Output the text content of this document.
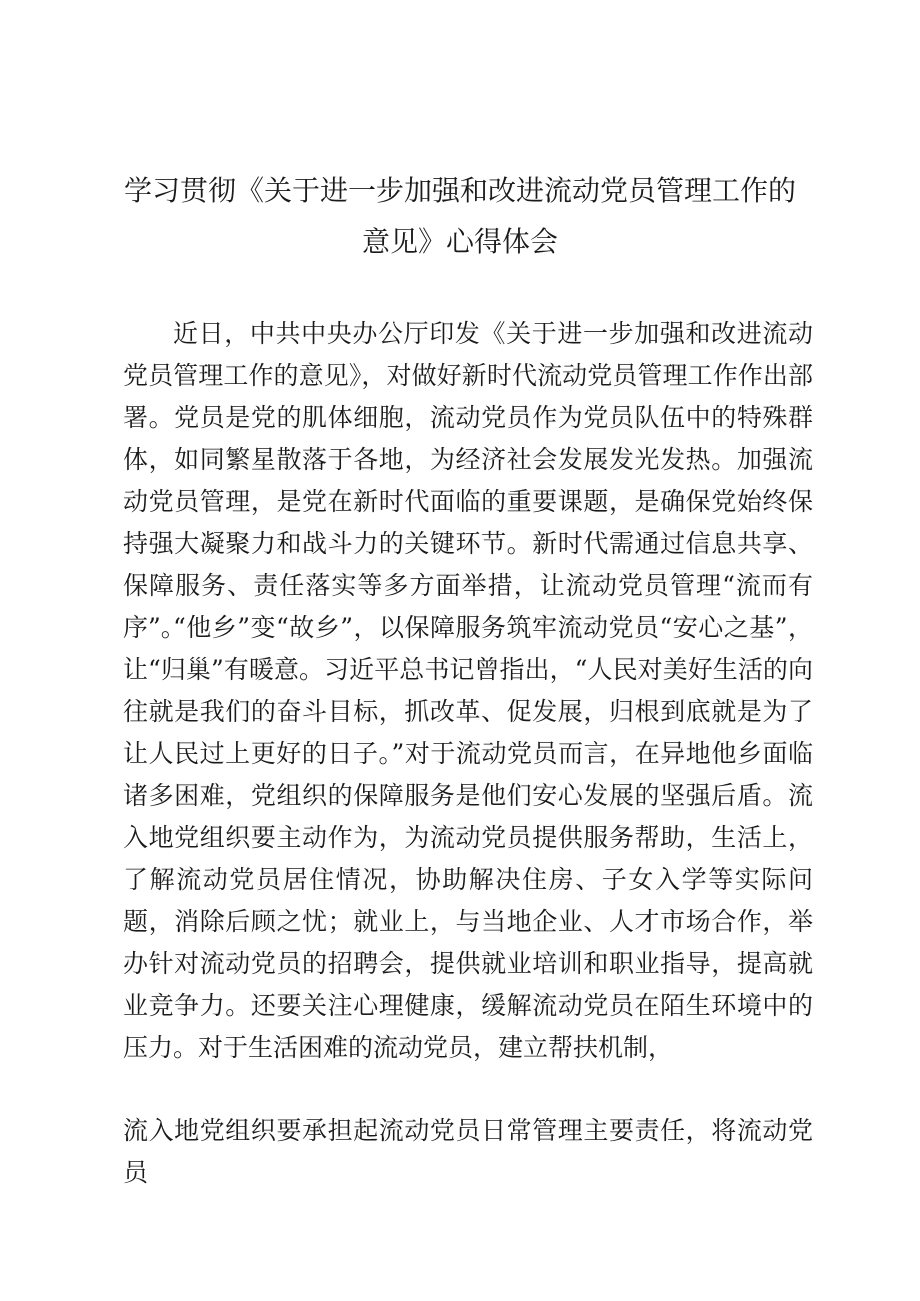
学习贯彻《关于进一步加强和改进流动党员管理工作的
意见》心得体会

近日，中共中央办公厅印发《关于进一步加强和改进流动党员管理工作的意见》，对做好新时代流动党员管理工作作出部署。党员是党的肌体细胞，流动党员作为党员队伍中的特殊群体，如同繁星散落于各地，为经济社会发展发光发热。加强流动党员管理，是党在新时代面临的重要课题，是确保党始终保持强大凝聚力和战斗力的关键环节。新时代需通过信息共享、保障服务、责任落实等多方面举措，让流动党员管理“流而有序”。

“他乡”变“故乡”，以保障服务筑牢流动党员“安心之基”，让“归巢”有暖意。习近平总书记曾指出，“人民对美好生活的向往就是我们的奋斗目标，抓改革、促发展，归根到底就是为了让人民过上更好的日子。”对于流动党员而言，在异地他乡面临诸多困难，党组织的保障服务是他们安心发展的坚强后盾。流入地党组织要主动作为，为流动党员提供服务帮助，生活上，了解流动党员居住情况，协助解决住房、子女入学等实际问题，消除后顾之忧；就业上，与当地企业、人才市场合作，举办针对流动党员的招聘会，提供就业培训和职业指导，提高就业竞争力。还要关注心理健康，缓解流动党员在陌生环境中的压力。对于生活困难的流动党员，建立帮扶机制，

流入地党组织要承担起流动党员日常管理主要责任，将流动党员
